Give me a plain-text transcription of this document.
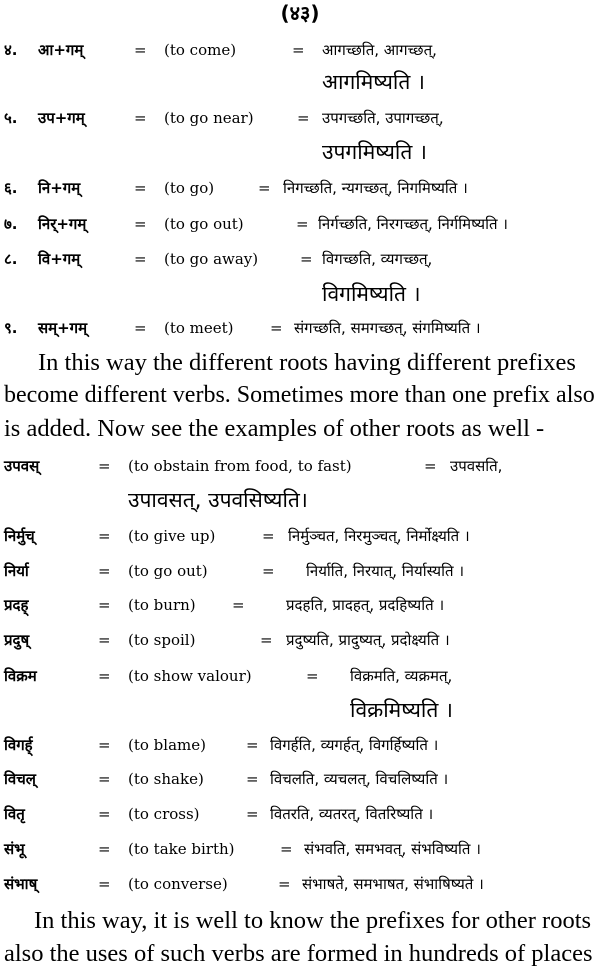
(४३)
४. आ+गम्	= (to come)	= आगच्छति, आगच्छत्,
आगमिष्यति ।
५. उप+गम्	= (to go near)	= उपगच्छति, उपागच्छत्,
उपगमिष्यति ।
६. नि+गम्	= (to go)	= निगच्छति, न्यगच्छत्, निगमिष्यति ।
७. निर्+गम्	= (to go out)	= निर्गच्छति, निरगच्छत्, निर्गमिष्यति ।
८. वि+गम्	= (to go away)	= विगच्छति, व्यगच्छत्,
विगमिष्यति ।
९. सम्+गम्	= (to meet) = संगच्छति, समगच्छत्, संगमिष्यति ।
In this way the different roots having different prefixes
become different verbs. Sometimes more than one prefix also
is added. Now see the examples of other roots as well -
उपवस्	= (to obstain from food, to fast)	= उपवसति,
उपावसत्, उपवसिष्यति।
निर्मुच्	= (to give up)	= निर्मुञ्चत, निरमुञ्चत्, निर्मोक्ष्यति ।
निर्या	= (to go out)	= निर्याति, निरयात्, निर्यास्यति ।
प्रदह्	= (to burn) =	प्रदहति, प्रादहत्, प्रदहिष्यति ।
प्रदुष्	= (to spoil)	= प्रदुष्यति, प्रादुष्यत्, प्रदोक्ष्यति ।
विक्रम	= (to show valour)	= विक्रमति, व्यक्रमत्,
विक्रमिष्यति ।
विगर्ह्	= (to blame)	= विगर्हति, व्यगर्हत्, विगर्हिष्यति ।
विचल्	= (to shake)	= विचलति, व्यचलत्, विचलिष्यति ।
वितृ	= (to cross)	= वितरति, व्यतरत्, वितरिष्यति ।
संभू	= (to take birth)	= संभवति, समभवत्, संभविष्यति ।
संभाष्	= (to converse)	= संभाषते, समभाषत, संभाषिष्यते ।
In this way, it is well to know the prefixes for other roots
also the uses of such verbs are formed in hundreds of places
